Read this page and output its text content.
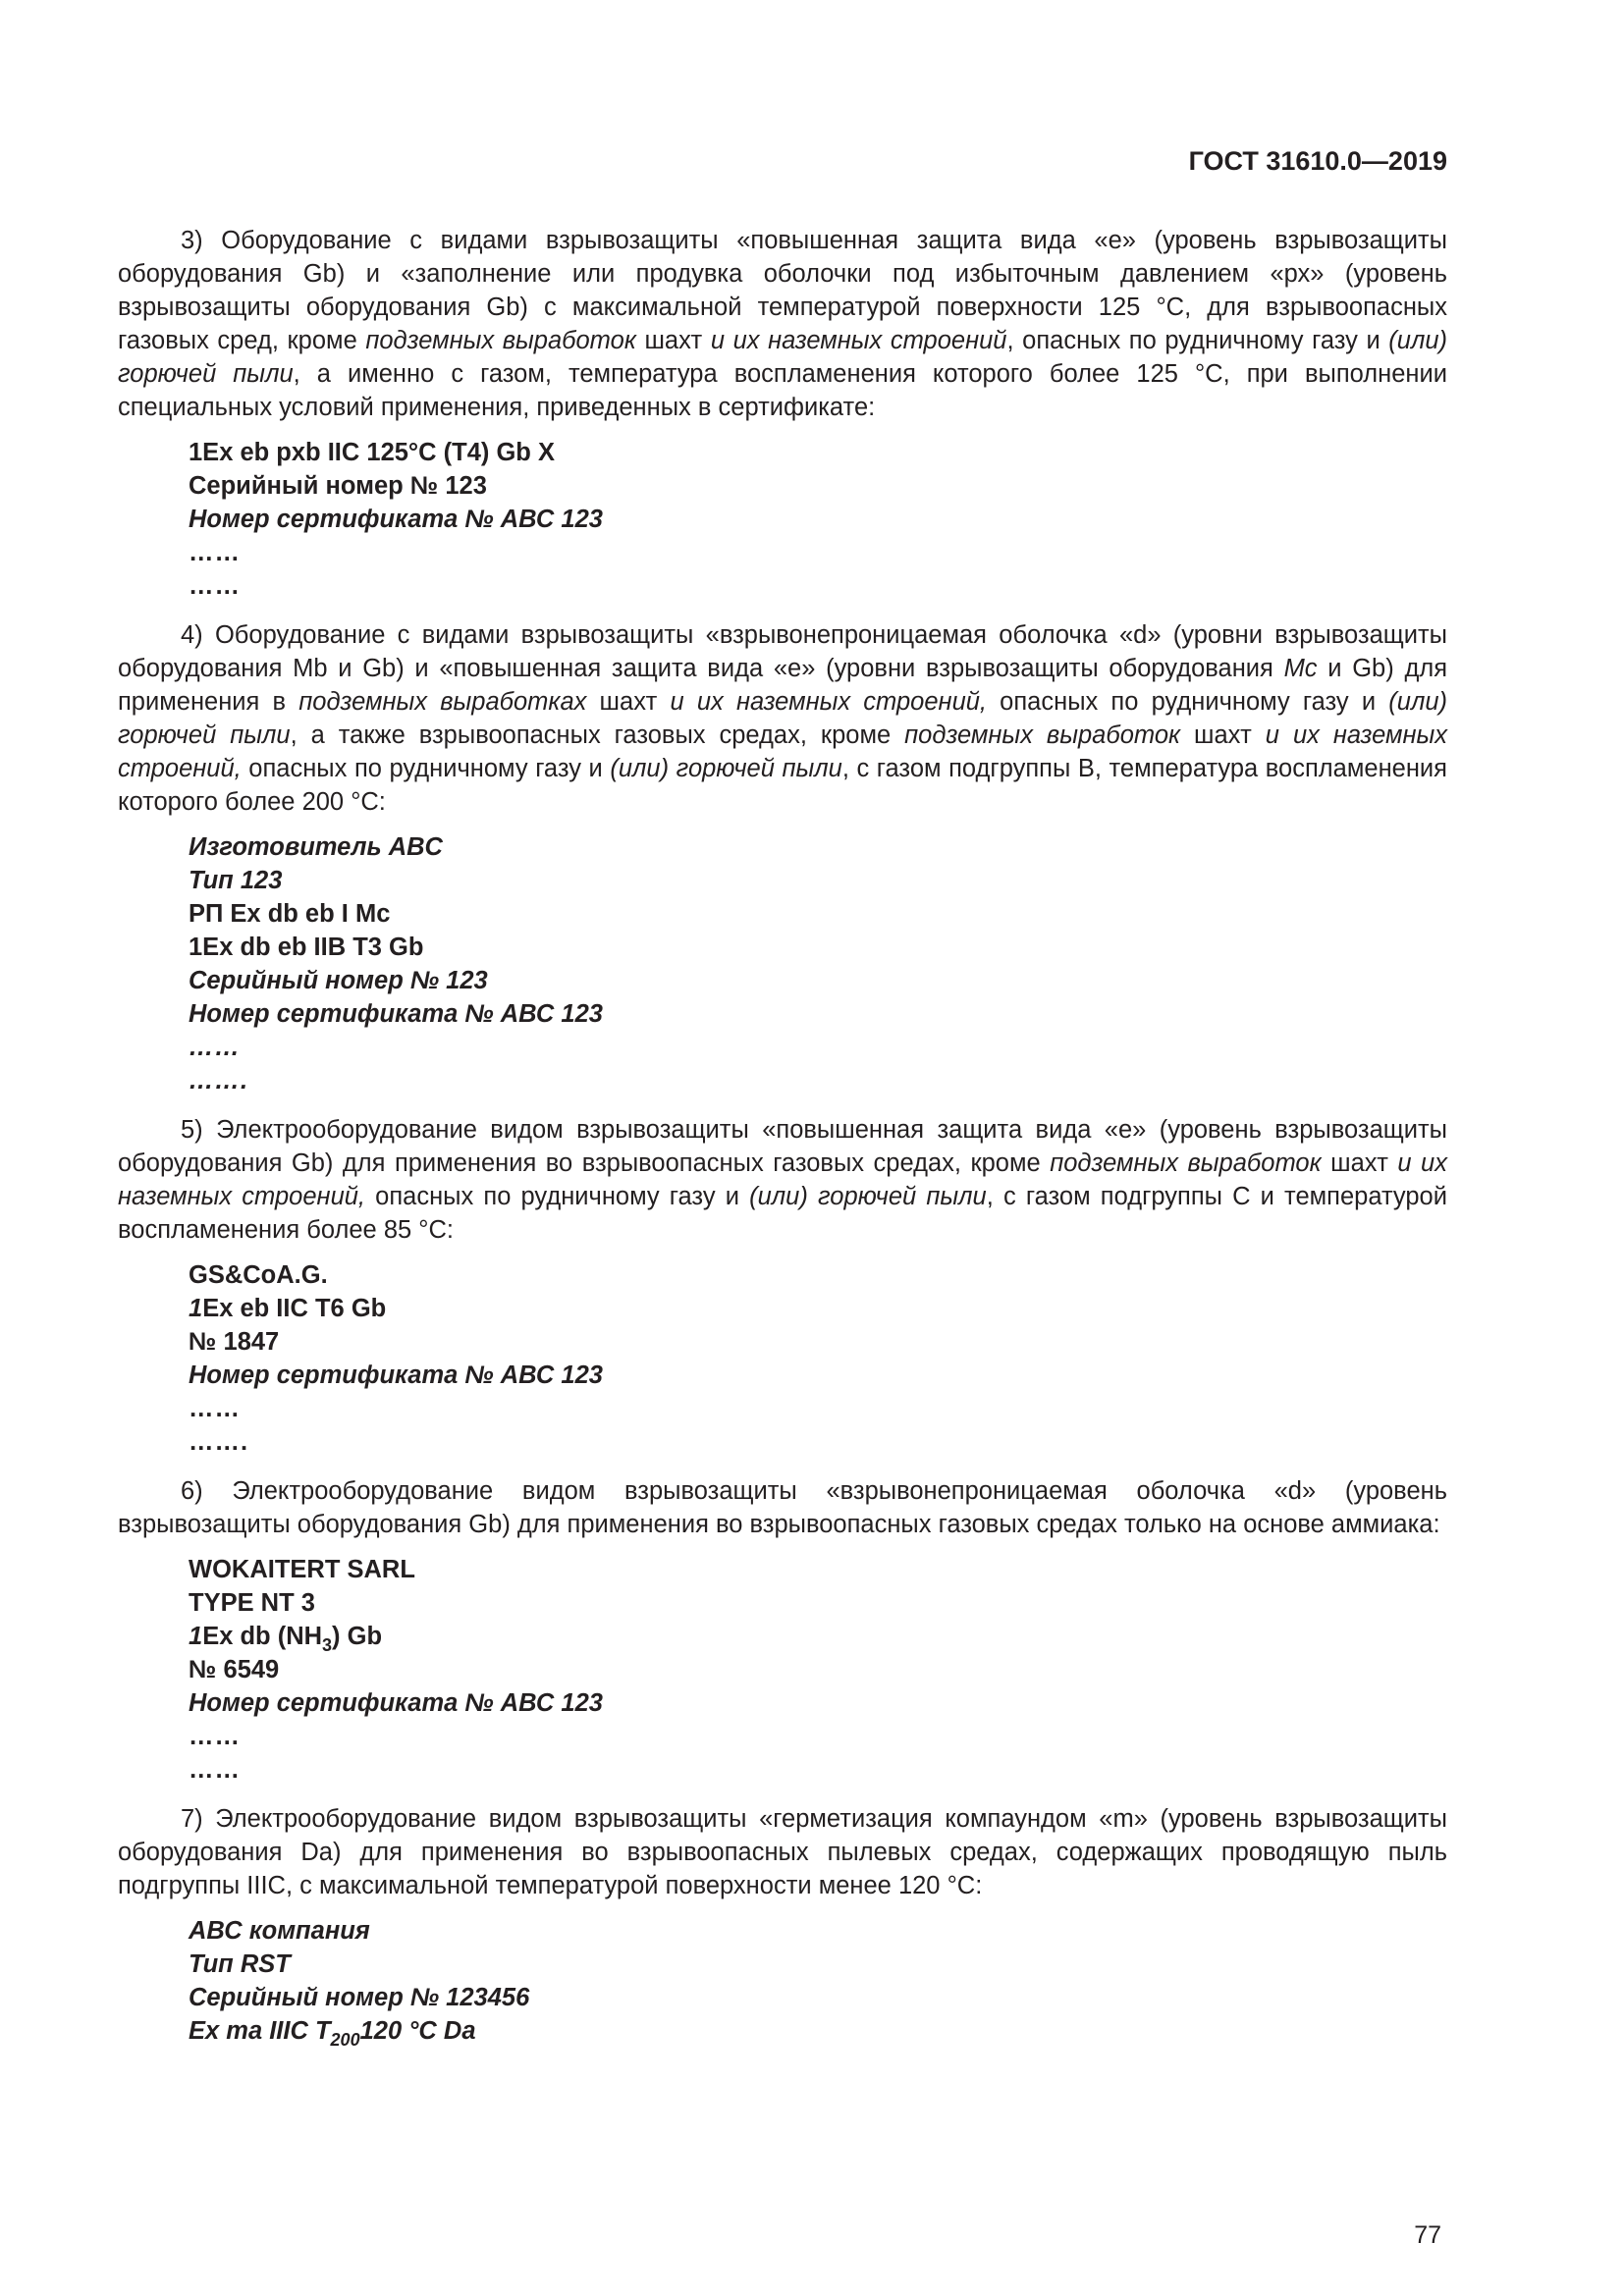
ГОСТ 31610.0—2019

3) Оборудование с видами взрывозащиты «повышенная защита вида «е» (уровень взрывозащиты оборудования Gb) и «заполнение или продувка оболочки под избыточным давлением «рх» (уровень взрывозащиты оборудования Gb) с максимальной температурой поверхности 125 °С, для взрывоопасных газовых сред, кроме подземных выработок шахт и их наземных строений, опасных по рудничному газу и (или) горючей пыли, а именно с газом, температура воспламенения которого более 125 °С, при выполнении специальных условий применения, приведенных в сертификате:

1Ex eb pxb IIC 125°C (T4) Gb X
Серийный номер № 123
Номер сертификата № АВС 123
……
……

4) Оборудование с видами взрывозащиты «взрывонепроницаемая оболочка «d» (уровни взрывозащиты оборудования Mb и Gb) и «повышенная защита вида «е» (уровни взрывозащиты оборудования Mc и Gb) для применения в подземных выработках шахт и их наземных строений, опасных по рудничному газу и (или) горючей пыли, а также взрывоопасных газовых средах, кроме подземных выработок шахт и их наземных строений, опасных по рудничному газу и (или) горючей пыли, с газом подгруппы В, температура воспламенения которого более 200 °С:

Изготовитель ABC
Тип 123
РП Ex db eb I Mc
1Ex db eb IIB T3 Gb
Серийный номер № 123
Номер сертификата № АВС 123
……
…….

5) Электрооборудование видом взрывозащиты «повышенная защита вида «е» (уровень взрывозащиты оборудования Gb) для применения во взрывоопасных газовых средах, кроме подземных выработок шахт и их наземных строений, опасных по рудничному газу и (или) горючей пыли, с газом подгруппы С и температурой воспламенения более 85 °С:

GS&CoA.G.
1Ex eb IIC T6 Gb
№ 1847
Номер сертификата № АВС 123
……
…….

6) Электрооборудование видом взрывозащиты «взрывонепроницаемая оболочка «d» (уровень взрывозащиты оборудования Gb) для применения во взрывоопасных газовых средах только на основе аммиака:

WOKAITERT SARL
TYPE NT 3
1Ex db $(NH_3)$ Gb
№ 6549
Номер сертификата № АВС 123
……
……

7) Электрооборудование видом взрывозащиты «герметизация компаундом «m» (уровень взрывозащиты оборудования Da) для применения во взрывоопасных пылевых средах, содержащих проводящую пыль подгруппы IIIC, с максимальной температурой поверхности менее 120 °С:

АВС компания
Тип RST
Серийный номер № 123456
Ex ma IIIC $T_{200}120$ °C Da
77
